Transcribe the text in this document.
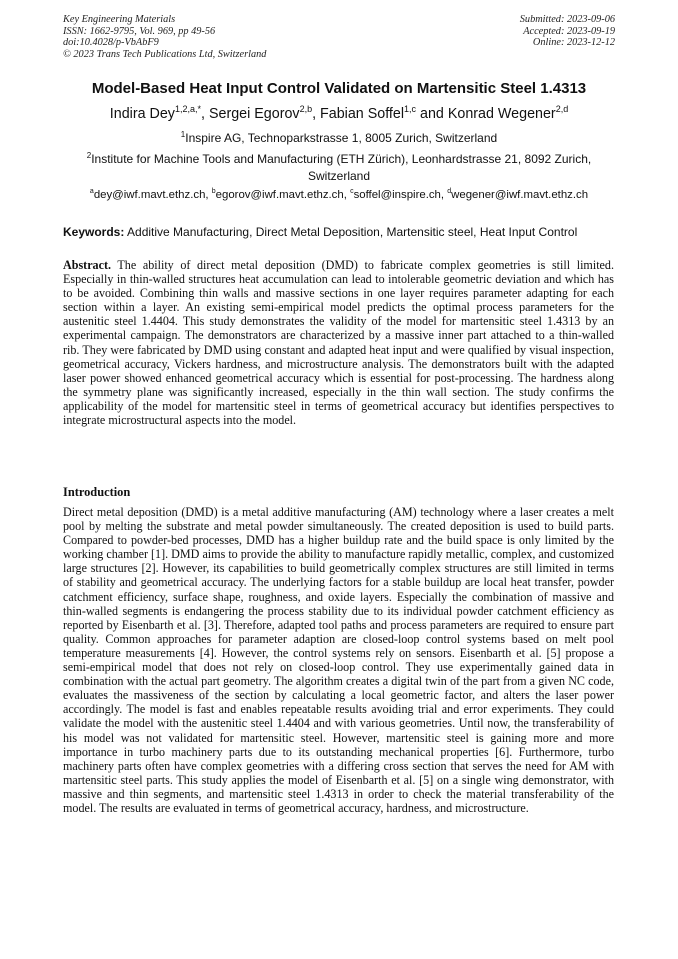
Key Engineering Materials
ISSN: 1662-9795, Vol. 969, pp 49-56
doi:10.4028/p-VbAbF9
© 2023 Trans Tech Publications Ltd, Switzerland
Submitted: 2023-09-06
Accepted: 2023-09-19
Online: 2023-12-12
Model-Based Heat Input Control Validated on Martensitic Steel 1.4313
Indira Dey$^{1,2,a,*}$, Sergei Egorov$^{2,b}$, Fabian Soffel$^{1,c}$ and Konrad Wegener$^{2,d}$
$^1$Inspire AG, Technoparkstrasse 1, 8005 Zurich, Switzerland
$^2$Institute for Machine Tools and Manufacturing (ETH Zürich), Leonhardstrasse 21, 8092 Zurich, Switzerland
$^a$dey@iwf.mavt.ethz.ch, $^b$egorov@iwf.mavt.ethz.ch, $^c$soffel@inspire.ch, $^d$wegener@iwf.mavt.ethz.ch
Keywords: Additive Manufacturing, Direct Metal Deposition, Martensitic steel, Heat Input Control
Abstract. The ability of direct metal deposition (DMD) to fabricate complex geometries is still limited. Especially in thin-walled structures heat accumulation can lead to intolerable geometric deviation and which has to be avoided. Combining thin walls and massive sections in one layer requires parameter adapting for each section within a layer. An existing semi-empirical model predicts the optimal process parameters for the austenitic steel 1.4404. This study demonstrates the validity of the model for martensitic steel 1.4313 by an experimental campaign. The demonstrators are characterized by a massive inner part attached to a thin-walled rib. They were fabricated by DMD using constant and adapted heat input and were qualified by visual inspection, geometrical accuracy, Vickers hardness, and microstructure analysis. The demonstrators built with the adapted laser power showed enhanced geometrical accuracy which is essential for post-processing. The hardness along the symmetry plane was significantly increased, especially in the thin wall section. The study confirms the applicability of the model for martensitic steel in terms of geometrical accuracy but identifies perspectives to integrate microstructural aspects into the model.
Introduction
Direct metal deposition (DMD) is a metal additive manufacturing (AM) technology where a laser creates a melt pool by melting the substrate and metal powder simultaneously. The created deposition is used to build parts. Compared to powder-bed processes, DMD has a higher buildup rate and the build space is only limited by the working chamber [1]. DMD aims to provide the ability to manufacture rapidly metallic, complex, and customized large structures [2]. However, its capabilities to build geometrically complex structures are still limited in terms of stability and geometrical accuracy. The underlying factors for a stable buildup are local heat transfer, powder catchment efficiency, surface shape, roughness, and oxide layers. Especially the combination of massive and thin-walled segments is endangering the process stability due to its individual powder catchment efficiency as reported by Eisenbarth et al. [3]. Therefore, adapted tool paths and process parameters are required to ensure part quality. Common approaches for parameter adaption are closed-loop control systems based on melt pool temperature measurements [4]. However, the control systems rely on sensors. Eisenbarth et al. [5] propose a semi-empirical model that does not rely on closed-loop control. They use experimentally gained data in combination with the actual part geometry. The algorithm creates a digital twin of the part from a given NC code, evaluates the massiveness of the section by calculating a local geometric factor, and alters the laser power accordingly. The model is fast and enables repeatable results avoiding trial and error experiments. They could validate the model with the austenitic steel 1.4404 and with various geometries. Until now, the transferability of his model was not validated for martensitic steel. However, martensitic steel is gaining more and more importance in turbo machinery parts due to its outstanding mechanical properties [6]. Furthermore, turbo machinery parts often have complex geometries with a differing cross section that serves the need for AM with martensitic steel parts. This study applies the model of Eisenbarth et al. [5] on a single wing demonstrator, with massive and thin segments, and martensitic steel 1.4313 in order to check the material transferability of the model. The results are evaluated in terms of geometrical accuracy, hardness, and microstructure.
